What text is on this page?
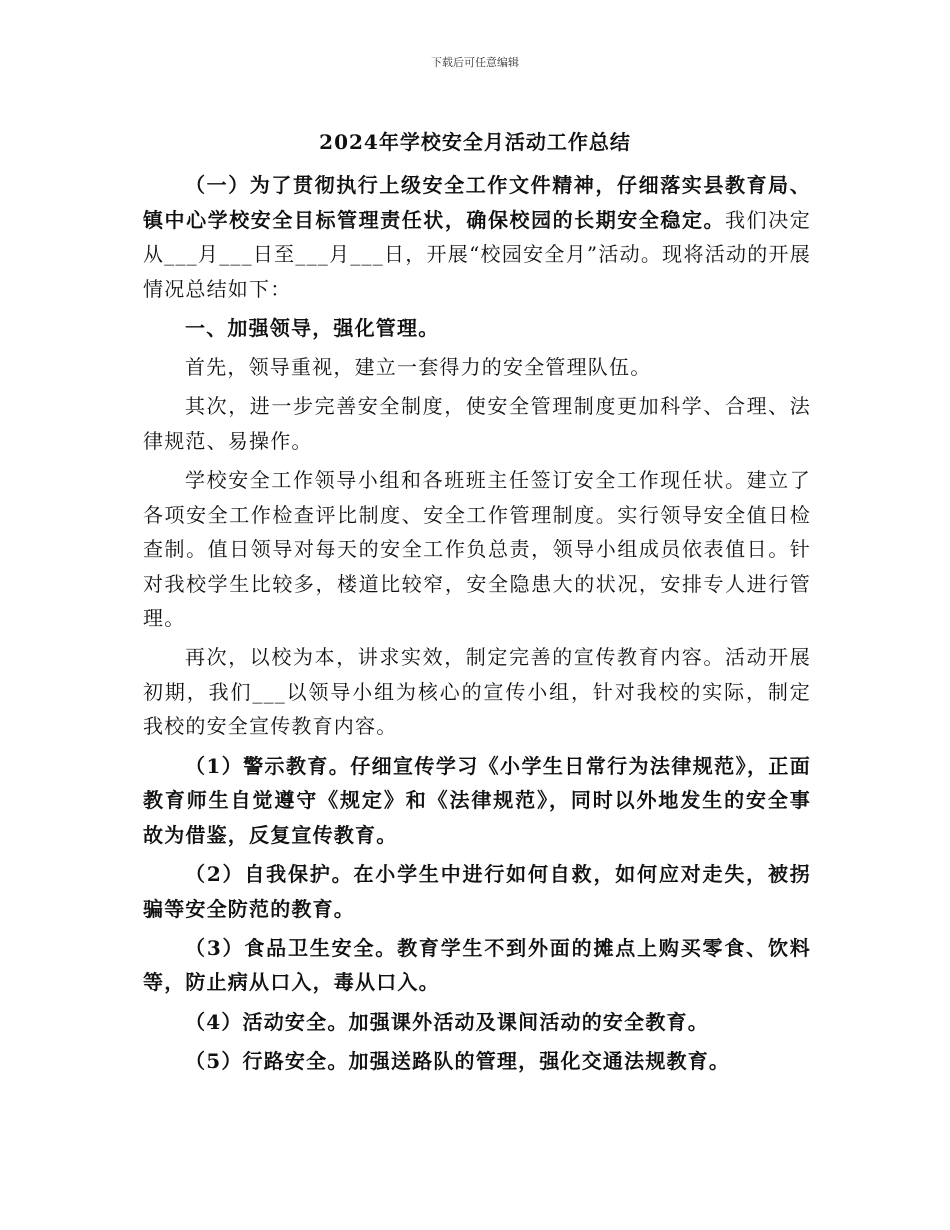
下载后可任意编辑
2024年学校安全月活动工作总结

（一）为了贯彻执行上级安全工作文件精神，仔细落实县教育局、镇中心学校安全目标管理责任状，确保校园的长期安全稳定。我们决定从___月___日至___月___日，开展“校园安全月”活动。现将活动的开展情况总结如下：

一、加强领导，强化管理。

首先，领导重视，建立一套得力的安全管理队伍。

其次，进一步完善安全制度，使安全管理制度更加科学、合理、法律规范、易操作。

学校安全工作领导小组和各班班主任签订安全工作现任状。建立了各项安全工作检查评比制度、安全工作管理制度。实行领导安全值日检查制。值日领导对每天的安全工作负总责，领导小组成员依表值日。针对我校学生比较多，楼道比较窄，安全隐患大的状况，安排专人进行管理。

再次，以校为本，讲求实效，制定完善的宣传教育内容。活动开展初期，我们___以领导小组为核心的宣传小组，针对我校的实际，制定我校的安全宣传教育内容。

（1）警示教育。仔细宣传学习《小学生日常行为法律规范》，正面教育师生自觉遵守《规定》和《法律规范》，同时以外地发生的安全事故为借鉴，反复宣传教育。

（2）自我保护。在小学生中进行如何自救，如何应对走失，被拐骗等安全防范的教育。

（3）食品卫生安全。教育学生不到外面的摊点上购买零食、饮料等，防止病从口入，毒从口入。

（4）活动安全。加强课外活动及课间活动的安全教育。

（5）行路安全。加强送路队的管理，强化交通法规教育。
